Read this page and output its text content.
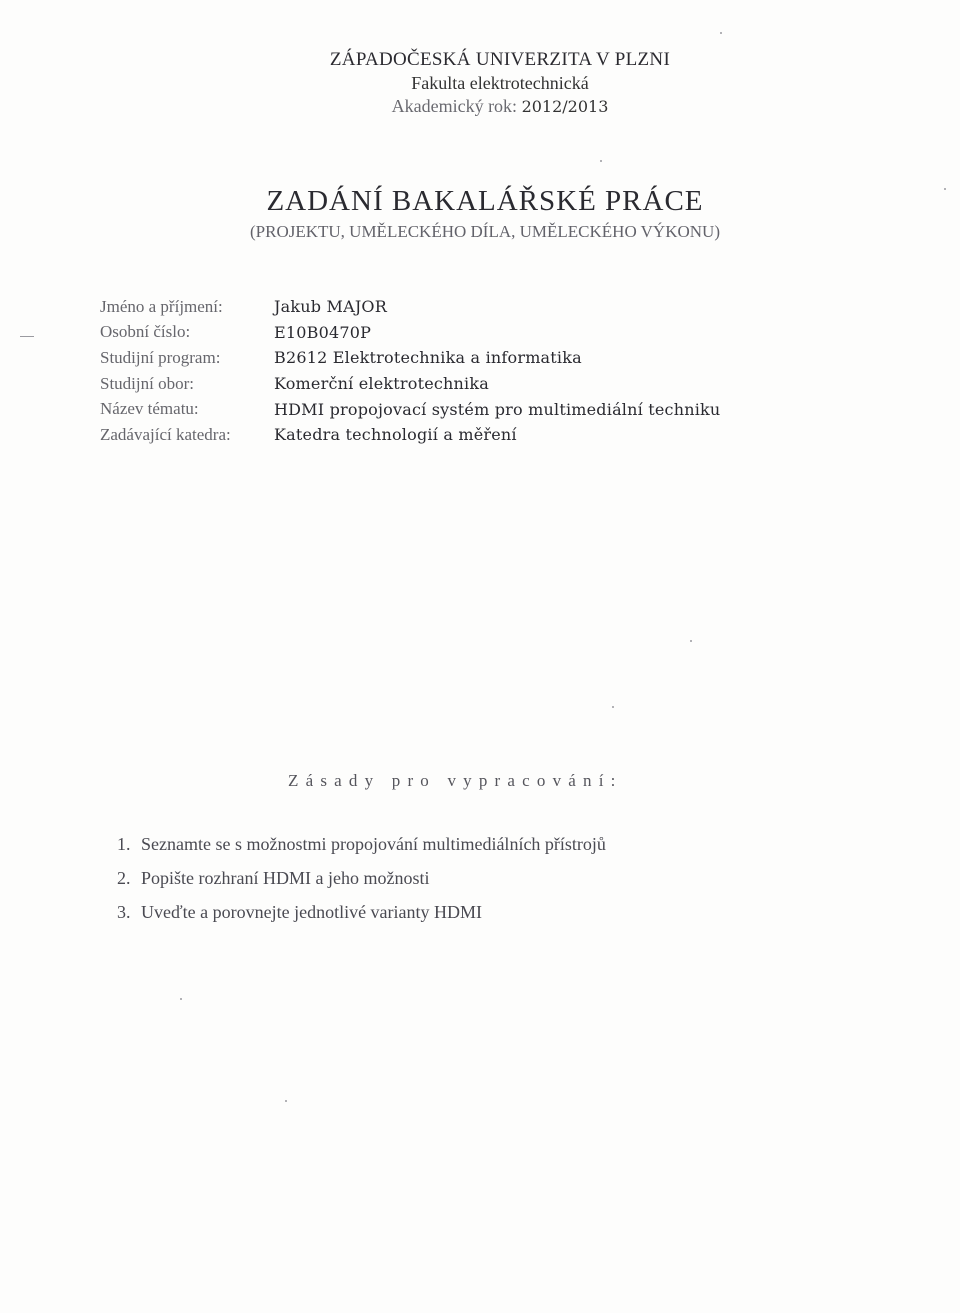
ZÁPADOČESKÁ UNIVERZITA V PLZNI
Fakulta elektrotechnická
Akademický rok: 2012/2013
ZADÁNÍ BAKALÁŘSKÉ PRÁCE
(PROJEKTU, UMĚLECKÉHO DÍLA, UMĚLECKÉHO VÝKONU)
Jméno a příjmení:	Jakub MAJOR
Osobní číslo:	E10B0470P
Studijní program:	B2612 Elektrotechnika a informatika
Studijní obor:	Komerční elektrotechnika
Název tématu:	HDMI propojovací systém pro multimediální techniku
Zadávající katedra:	Katedra technologií a měření
Zásady pro vypracování:
1. Seznamte se s možnostmi propojování multimediálních přístrojů
2. Popište rozhraní HDMI a jeho možnosti
3. Uveďte a porovnejte jednotlivé varianty HDMI
